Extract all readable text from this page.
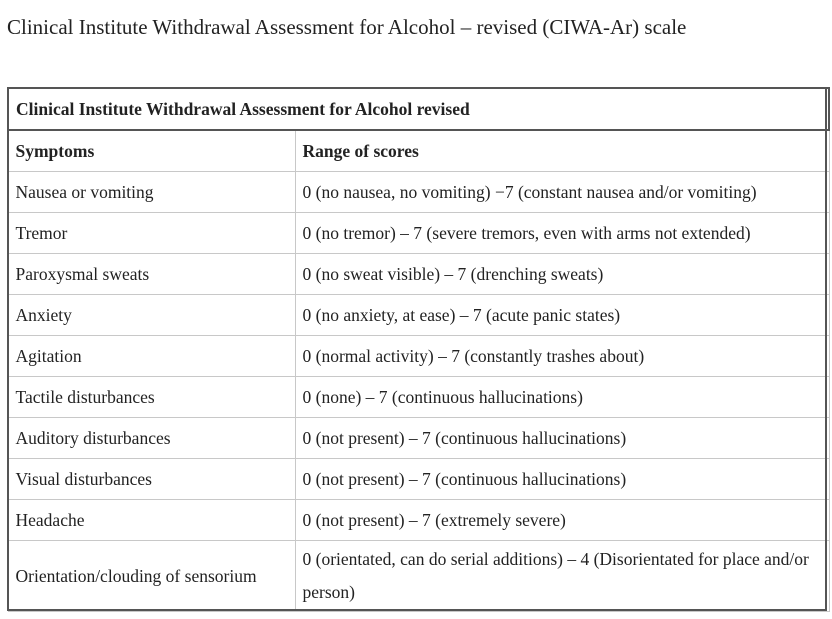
Clinical Institute Withdrawal Assessment for Alcohol – revised (CIWA-Ar) scale
Clinical Institute Withdrawal Assessment for Alcohol revised	
Symptoms	Range of scores
Nausea or vomiting	0 (no nausea, no vomiting) −7 (constant nausea and/or vomiting)
Tremor	0 (no tremor) – 7 (severe tremors, even with arms not extended)
Paroxysmal sweats	0 (no sweat visible) – 7 (drenching sweats)
Anxiety	0 (no anxiety, at ease) – 7 (acute panic states)
Agitation	0 (normal activity) – 7 (constantly trashes about)
Tactile disturbances	0 (none) – 7 (continuous hallucinations)
Auditory disturbances	0 (not present) – 7 (continuous hallucinations)
Visual disturbances	0 (not present) – 7 (continuous hallucinations)
Headache	0 (not present) – 7 (extremely severe)
Orientation/clouding of sensorium	0 (orientated, can do serial additions) – 4 (Disorientated for place and/or person)
